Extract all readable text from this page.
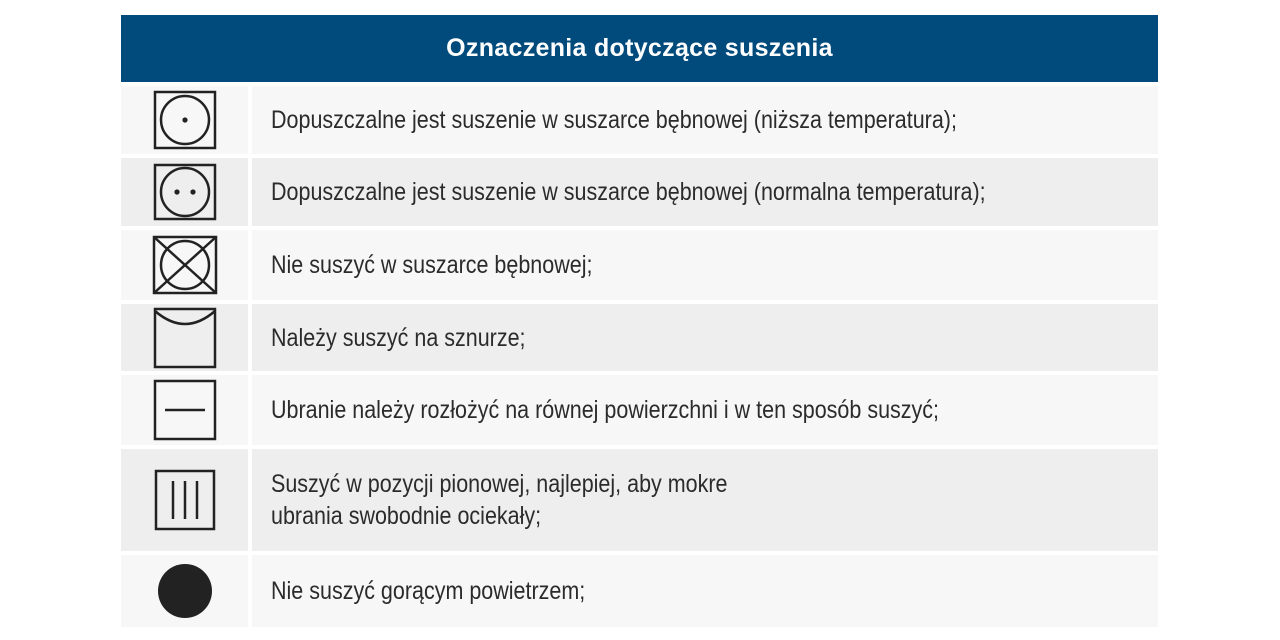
Oznaczenia dotyczące suszenia
Dopuszczalne jest suszenie w suszarce bębnowej (niższa temperatura);
Dopuszczalne jest suszenie w suszarce bębnowej (normalna temperatura);
Nie suszyć w suszarce bębnowej;
Należy suszyć na sznurze;
Ubranie należy rozłożyć na równej powierzchni i w ten sposób suszyć;
Suszyć w pozycji pionowej, najlepiej, aby mokre ubrania swobodnie ociekały;
Nie suszyć gorącym powietrzem;
